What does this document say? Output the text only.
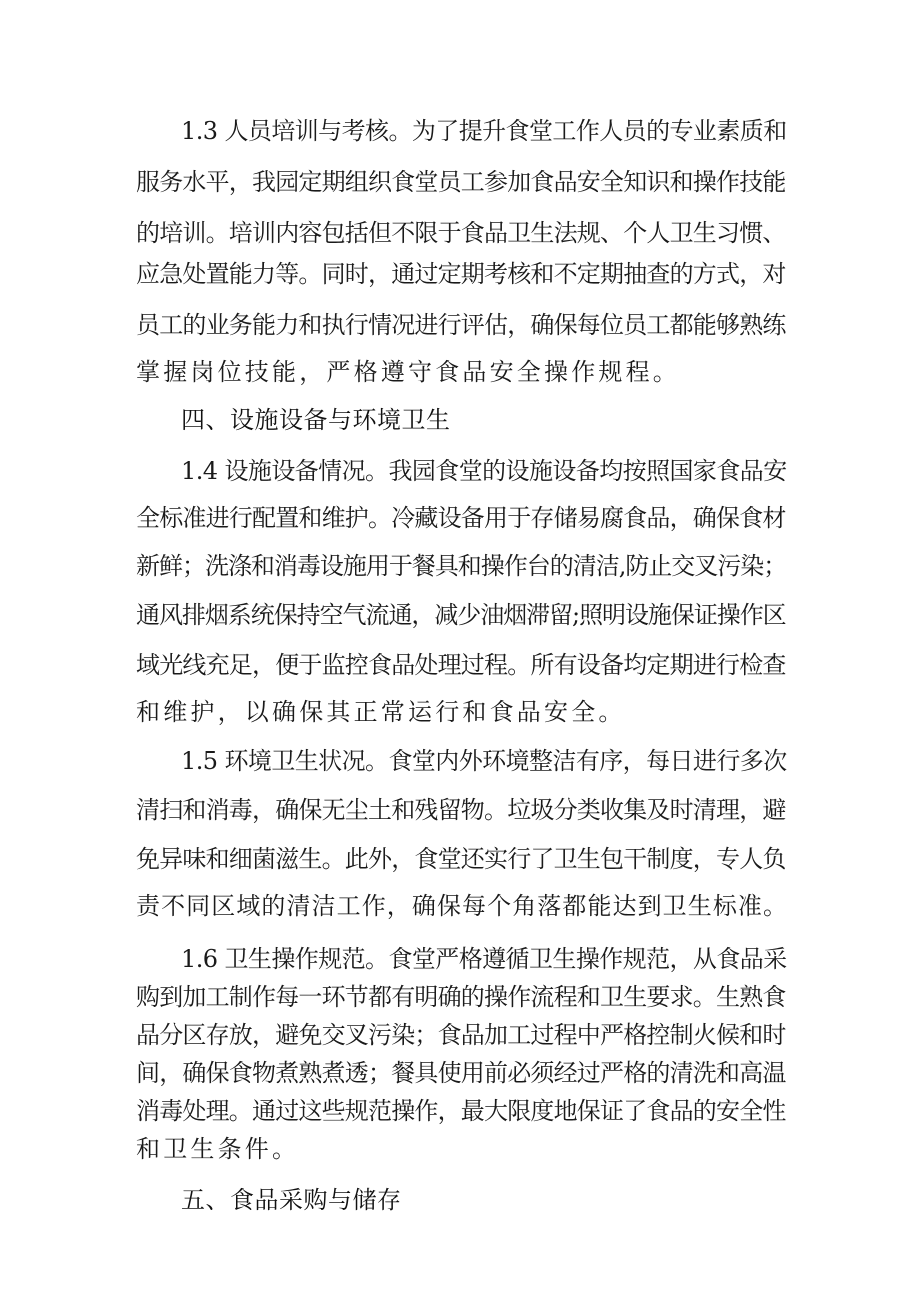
1.3 人员培训与考核。为了提升食堂工作人员的专业素质和
服务水平，我园定期组织食堂员工参加食品安全知识和操作技能
的培训。培训内容包括但不限于食品卫生法规、个人卫生习惯、
应急处置能力等。同时，通过定期考核和不定期抽查的方式，对
员工的业务能力和执行情况进行评估，确保每位员工都能够熟练
掌握岗位技能，严格遵守食品安全操作规程。
四、设施设备与环境卫生
1.4 设施设备情况。我园食堂的设施设备均按照国家食品安
全标准进行配置和维护。冷藏设备用于存储易腐食品，确保食材
新鲜；洗涤和消毒设施用于餐具和操作台的清洁,防止交叉污染；
通风排烟系统保持空气流通，减少油烟滞留;照明设施保证操作区
域光线充足，便于监控食品处理过程。所有设备均定期进行检查
和维护，以确保其正常运行和食品安全。
1.5 环境卫生状况。食堂内外环境整洁有序，每日进行多次
清扫和消毒，确保无尘土和残留物。垃圾分类收集及时清理，避
免异味和细菌滋生。此外，食堂还实行了卫生包干制度，专人负
责不同区域的清洁工作，确保每个角落都能达到卫生标准。
1.6 卫生操作规范。食堂严格遵循卫生操作规范，从食品采
购到加工制作每一环节都有明确的操作流程和卫生要求。生熟食
品分区存放，避免交叉污染；食品加工过程中严格控制火候和时
间，确保食物煮熟煮透；餐具使用前必须经过严格的清洗和高温
消毒处理。通过这些规范操作，最大限度地保证了食品的安全性
和卫生条件。
五、食品采购与储存
